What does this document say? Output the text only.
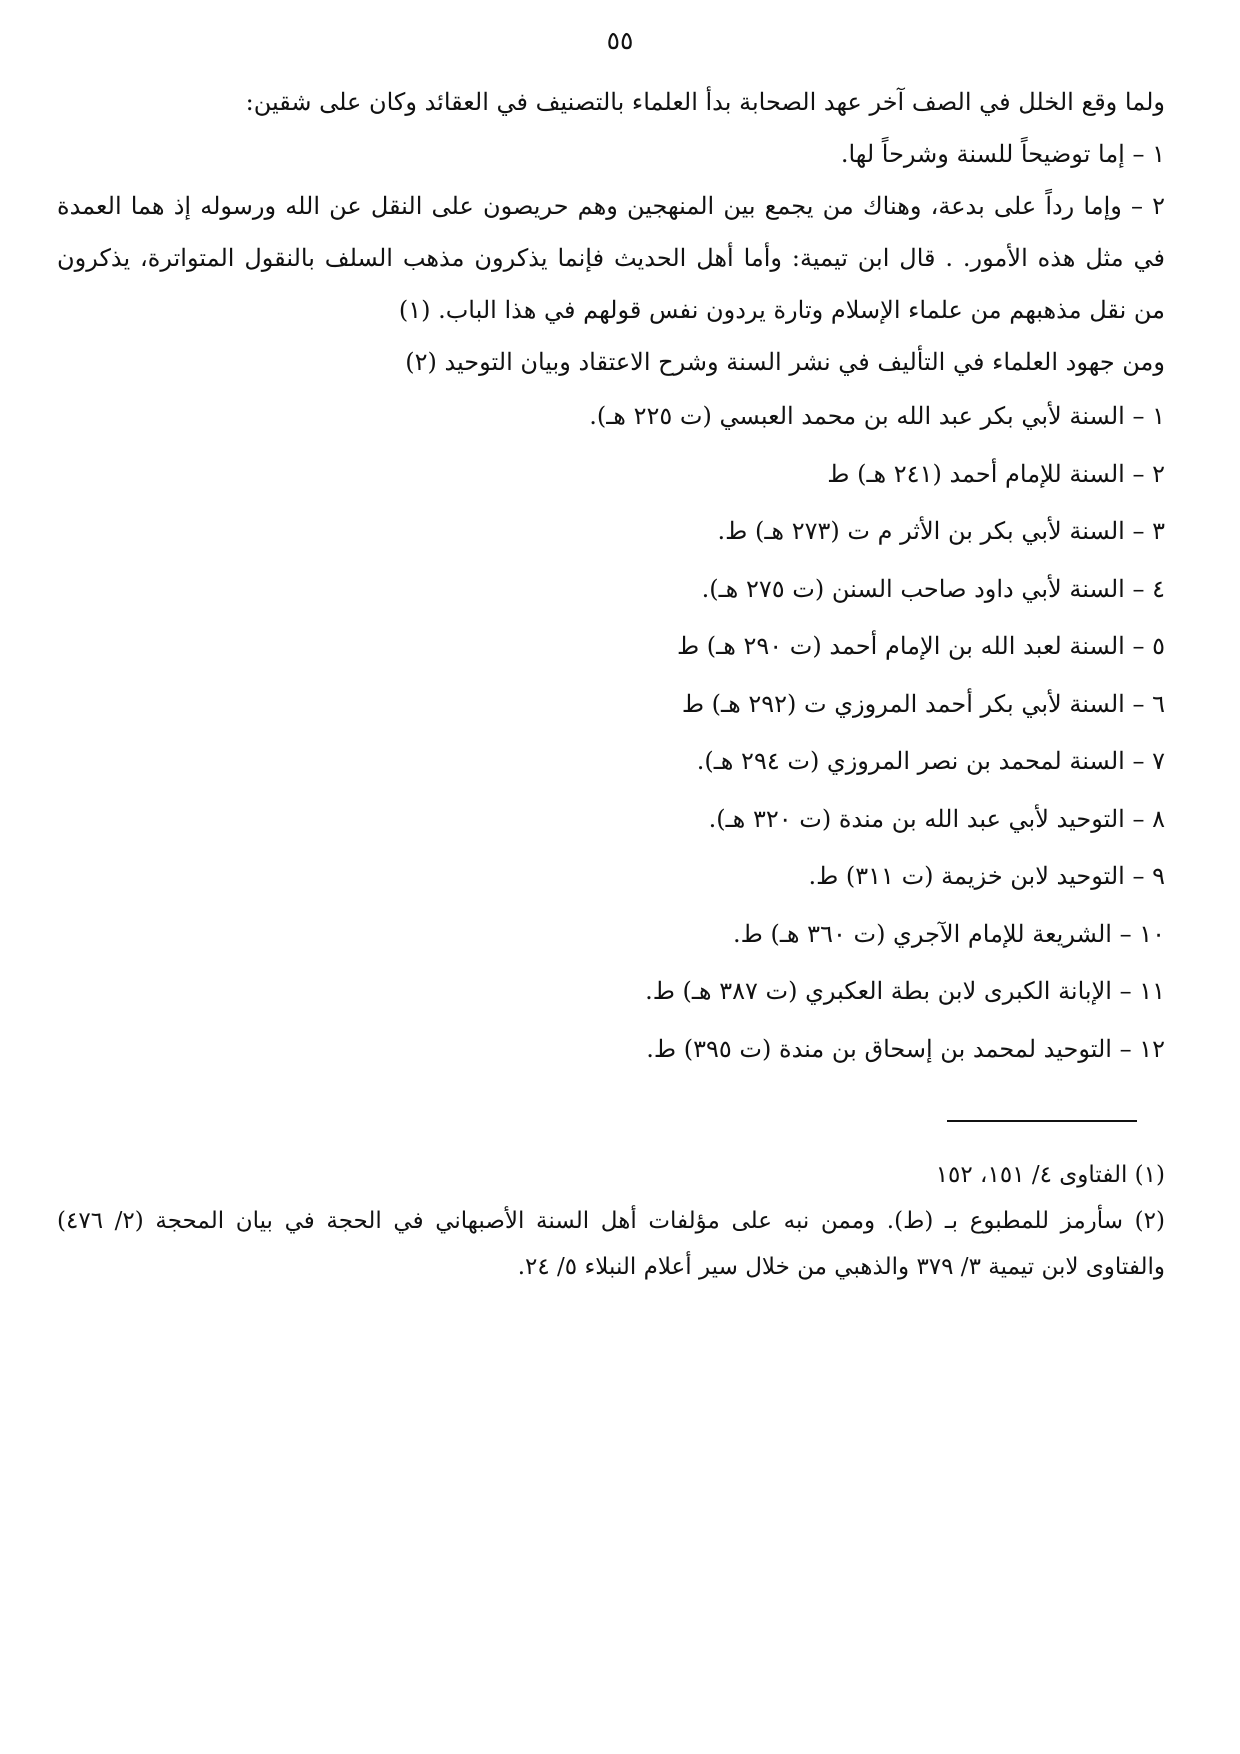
٥٥

ولما وقع الخلل في الصف آخر عهد الصحابة بدأ العلماء بالتصنيف في العقائد وكان على شقين:

١ – إما توضيحاً للسنة وشرحاً لها.

٢ – وإما رداً على بدعة، وهناك من يجمع بين المنهجين وهم حريصون على النقل عن الله ورسوله إذ هما العمدة في مثل هذه الأمور. . قال ابن تيمية: وأما أهل الحديث فإنما يذكرون مذهب السلف بالنقول المتواترة، يذكرون من نقل مذهبهم من علماء الإسلام وتارة يردون نفس قولهم في هذا الباب. (١)

ومن جهود العلماء في التأليف في نشر السنة وشرح الاعتقاد وبيان التوحيد (٢)

١ – السنة لأبي بكر عبد الله بن محمد العبسي (ت ٢٢٥ هـ).
٢ – السنة للإمام أحمد (٢٤١ هـ) ط
٣ – السنة لأبي بكر بن الأثر م ت (٢٧٣ هـ) ط.
٤ – السنة لأبي داود صاحب السنن (ت ٢٧٥ هـ).
٥ – السنة لعبد الله بن الإمام أحمد (ت ٢٩٠ هـ) ط
٦ – السنة لأبي بكر أحمد المروزي ت (٢٩٢ هـ) ط
٧ – السنة لمحمد بن نصر المروزي (ت ٢٩٤ هـ).
٨ – التوحيد لأبي عبد الله بن مندة (ت ٣٢٠ هـ).
٩ – التوحيد لابن خزيمة (ت ٣١١) ط.
١٠ – الشريعة للإمام الآجري (ت ٣٦٠ هـ) ط.
١١ – الإبانة الكبرى لابن بطة العكبري (ت ٣٨٧ هـ) ط.
١٢ – التوحيد لمحمد بن إسحاق بن مندة (ت ٣٩٥) ط.

(١) الفتاوى ٤/ ١٥١، ١٥٢

(٢) سأرمز للمطبوع بـ (ط). وممن نبه على مؤلفات أهل السنة الأصبهاني في الحجة في بيان المحجة (٢/ ٤٧٦) والفتاوى لابن تيمية ٣/ ٣٧٩ والذهبي من خلال سير أعلام النبلاء ٥/ ٢٤.
